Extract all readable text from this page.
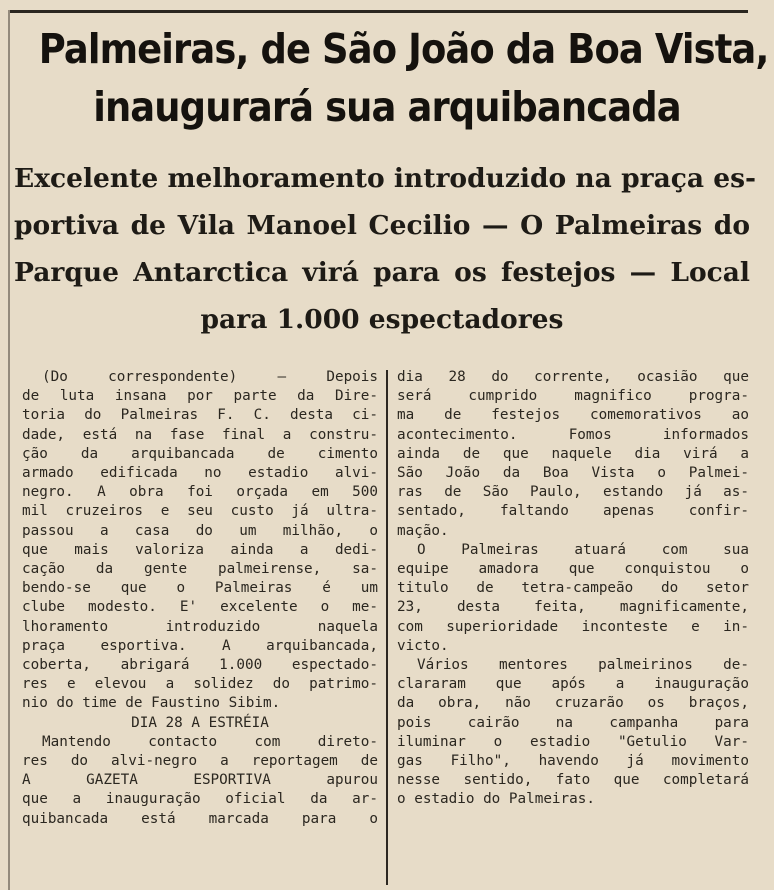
Palmeiras, de São João da Boa Vista,
inaugurará sua arquibancada
Excelente melhoramento introduzido na praça es-
portiva de Vila Manoel Cecilio — O Palmeiras do
Parque Antarctica virá para os festejos — Local
para 1.000 espectadores
(Do correspondente) — Depois
de luta insana por parte da Dire-
toria do Palmeiras F. C. desta ci-
dade, está na fase final a constru-
ção da arquibancada de cimento
armado edificada no estadio alvi-
negro. A obra foi orçada em 500
mil cruzeiros e seu custo já ultra-
passou a casa do um milhão, o
que mais valoriza ainda a dedi-
cação da gente palmeirense, sa-
bendo-se que o Palmeiras é um
clube modesto. E' excelente o me-
lhoramento introduzido naquela
praça esportiva. A arquibancada,
coberta, abrigará 1.000 espectado-
res e elevou a solidez do patrimo-
nio do time de Faustino Sibim.
DIA 28 A ESTRÉIA
Mantendo contacto com direto-
res do alvi-negro a reportagem de
A GAZETA ESPORTIVA apurou
que a inauguração oficial da ar-
quibancada está marcada para o
dia 28 do corrente, ocasião que
será cumprido magnifico progra-
ma de festejos comemorativos ao
acontecimento. Fomos informados
ainda de que naquele dia virá a
São João da Boa Vista o Palmei-
ras de São Paulo, estando já as-
sentado, faltando apenas confir-
mação.
O Palmeiras atuará com sua
equipe amadora que conquistou o
titulo de tetra-campeão do setor
23, desta feita, magnificamente,
com superioridade inconteste e in-
victo.
Vários mentores palmeirinos de-
clararam que após a inauguração
da obra, não cruzarão os braços,
pois cairão na campanha para
iluminar o estadio "Getulio Var-
gas Filho", havendo já movimento
nesse sentido, fato que completará
o estadio do Palmeiras.
